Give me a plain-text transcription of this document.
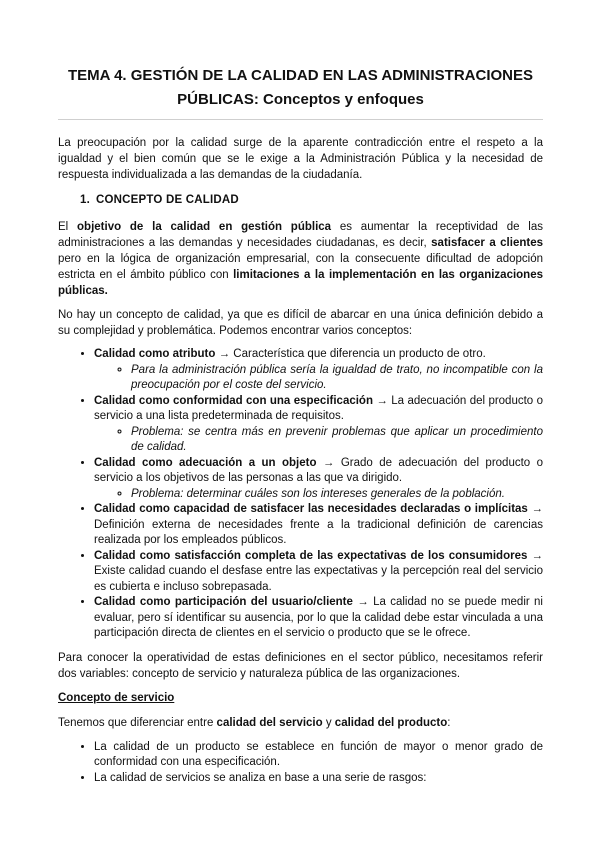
TEMA 4. GESTIÓN DE LA CALIDAD EN LAS ADMINISTRACIONES
PÚBLICAS: Conceptos y enfoques

La preocupación por la calidad surge de la aparente contradicción entre el respeto a la igualdad y el bien común que se le exige a la Administración Pública y la necesidad de respuesta individualizada a las demandas de la ciudadanía.

1. CONCEPTO DE CALIDAD

El objetivo de la calidad en gestión pública es aumentar la receptividad de las administraciones a las demandas y necesidades ciudadanas, es decir, satisfacer a clientes pero en la lógica de organización empresarial, con la consecuente dificultad de adopción estricta en el ámbito público con limitaciones a la implementación en las organizaciones públicas.

No hay un concepto de calidad, ya que es difícil de abarcar en una única definición debido a su complejidad y problemática. Podemos encontrar varios conceptos:

• Calidad como atributo → Característica que diferencia un producto de otro.
◦ Para la administración pública sería la igualdad de trato, no incompatible con la preocupación por el coste del servicio.
• Calidad como conformidad con una especificación → La adecuación del producto o servicio a una lista predeterminada de requisitos.
◦ Problema: se centra más en prevenir problemas que aplicar un procedimiento de calidad.
• Calidad como adecuación a un objeto → Grado de adecuación del producto o servicio a los objetivos de las personas a las que va dirigido.
◦ Problema: determinar cuáles son los intereses generales de la población.
• Calidad como capacidad de satisfacer las necesidades declaradas o implícitas → Definición externa de necesidades frente a la tradicional definición de carencias realizada por los empleados públicos.
• Calidad como satisfacción completa de las expectativas de los consumidores → Existe calidad cuando el desfase entre las expectativas y la percepción real del servicio es cubierta e incluso sobrepasada.
• Calidad como participación del usuario/cliente → La calidad no se puede medir ni evaluar, pero sí identificar su ausencia, por lo que la calidad debe estar vinculada a una participación directa de clientes en el servicio o producto que se le ofrece.

Para conocer la operatividad de estas definiciones en el sector público, necesitamos referir dos variables: concepto de servicio y naturaleza pública de las organizaciones.

Concepto de servicio

Tenemos que diferenciar entre calidad del servicio y calidad del producto:

• La calidad de un producto se establece en función de mayor o menor grado de conformidad con una especificación.
• La calidad de servicios se analiza en base a una serie de rasgos:
